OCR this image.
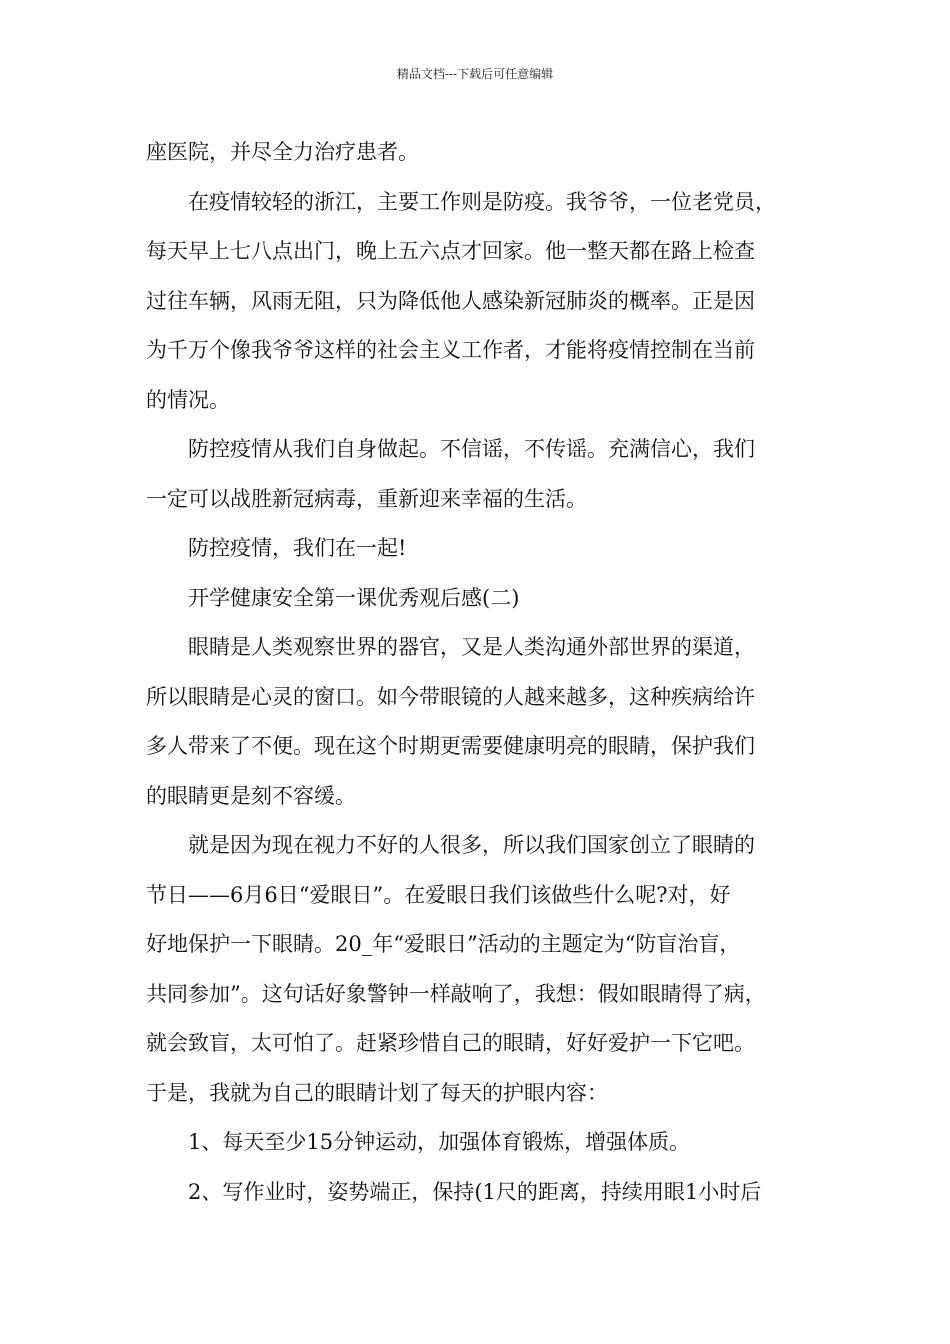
精品文档---下载后可任意编辑
座医院，并尽全力治疗患者。
在疫情较轻的浙江，主要工作则是防疫。我爷爷，一位老党员，
每天早上七八点出门，晚上五六点才回家。他一整天都在路上检查
过往车辆，风雨无阻，只为降低他人感染新冠肺炎的概率。正是因
为千万个像我爷爷这样的社会主义工作者，才能将疫情控制在当前
的情况。
防控疫情从我们自身做起。不信谣，不传谣。充满信心，我们
一定可以战胜新冠病毒，重新迎来幸福的生活。
防控疫情，我们在一起!
开学健康安全第一课优秀观后感(二)
眼睛是人类观察世界的器官，又是人类沟通外部世界的渠道，
所以眼睛是心灵的窗口。如今带眼镜的人越来越多，这种疾病给许
多人带来了不便。现在这个时期更需要健康明亮的眼睛，保护我们
的眼睛更是刻不容缓。
就是因为现在视力不好的人很多，所以我们国家创立了眼睛的
节日——6月6日“爱眼日”。在爱眼日我们该做些什么呢?对，好
好地保护一下眼睛。20_年“爱眼日”活动的主题定为“防盲治盲，
共同参加”。这句话好象警钟一样敲响了，我想：假如眼睛得了病，
就会致盲，太可怕了。赶紧珍惜自己的眼睛，好好爱护一下它吧。
于是，我就为自己的眼睛计划了每天的护眼内容：
1、每天至少15分钟运动，加强体育锻炼，增强体质。
2、写作业时，姿势端正，保持(1尺的距离，持续用眼1小时后
